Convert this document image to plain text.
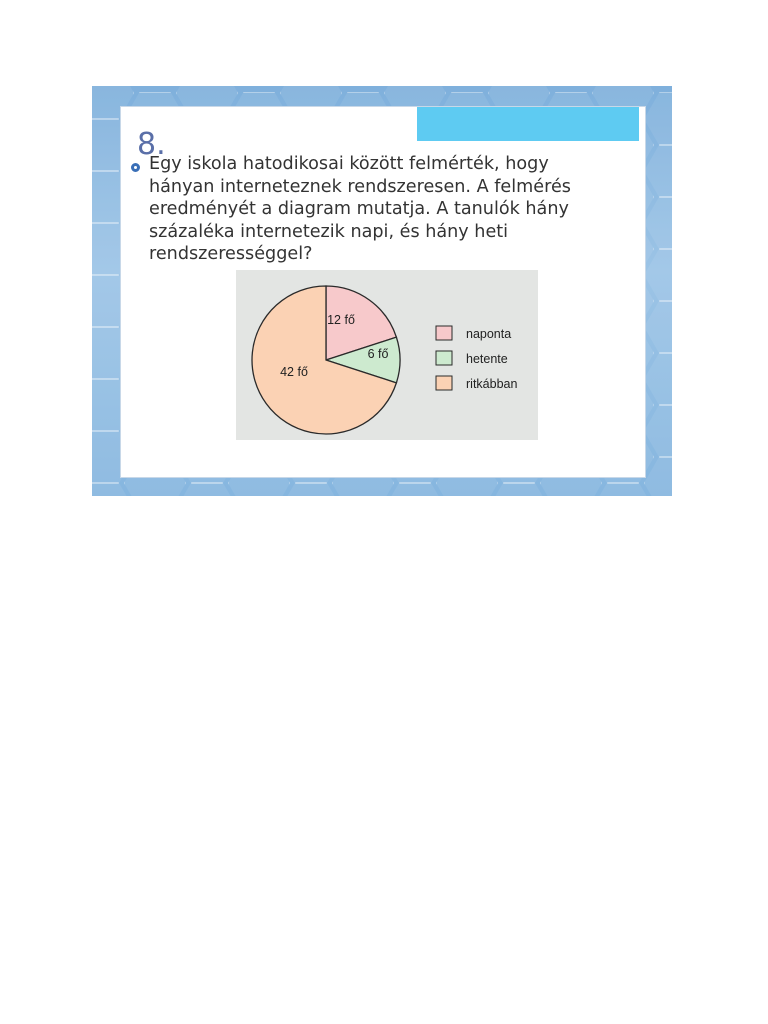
8.

Egy iskola hatodikosai között felmérték, hogy
hányan interneteznek rendszeresen. A felmérés
eredményét a diagram mutatja. A tanulók hány
százaléka internetezik napi, és hány heti
rendszerességgel?

12 fő
6 fő
42 fő
naponta
hetente
ritkábban
